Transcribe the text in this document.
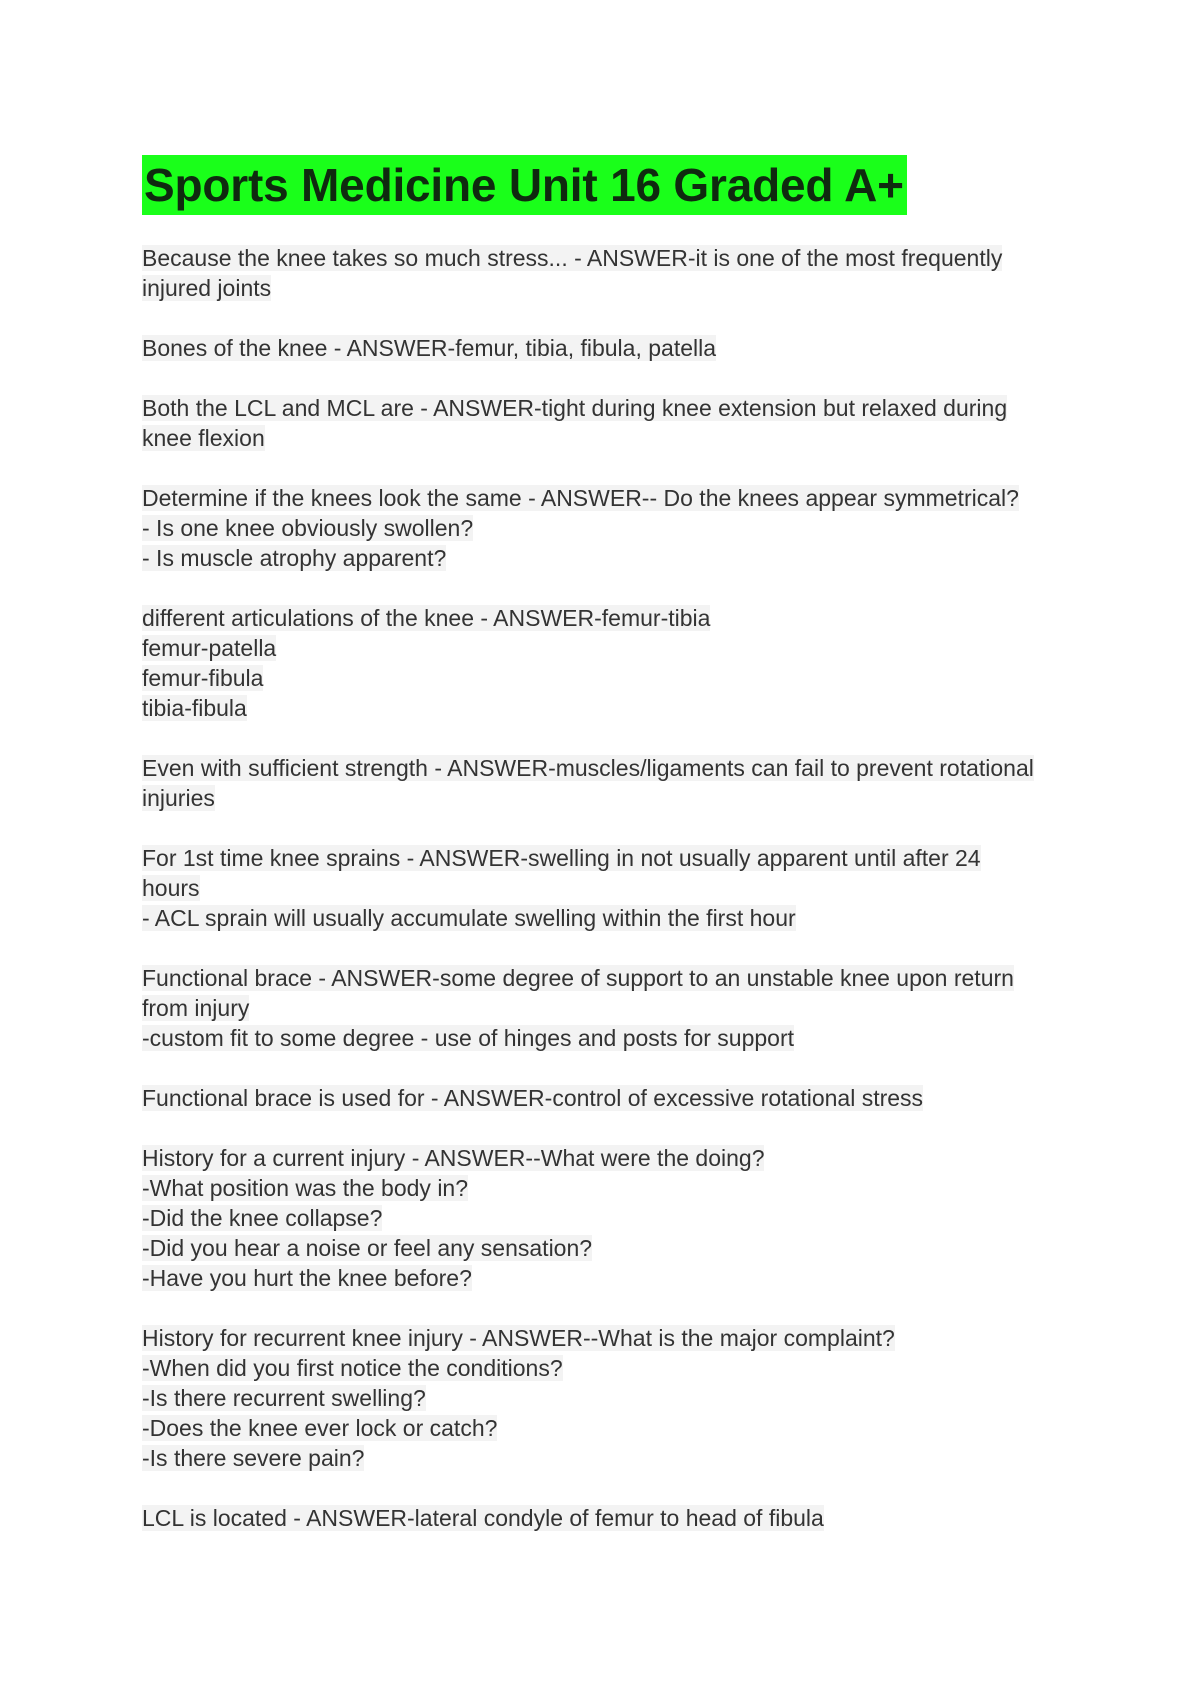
Sports Medicine Unit 16 Graded A+
Because the knee takes so much stress... - ANSWER-it is one of the most frequently
injured joints
Bones of the knee - ANSWER-femur, tibia, fibula, patella
Both the LCL and MCL are - ANSWER-tight during knee extension but relaxed during
knee flexion
Determine if the knees look the same - ANSWER-- Do the knees appear symmetrical?
- Is one knee obviously swollen?
- Is muscle atrophy apparent?
different articulations of the knee - ANSWER-femur-tibia
femur-patella
femur-fibula
tibia-fibula
Even with sufficient strength - ANSWER-muscles/ligaments can fail to prevent rotational
injuries
For 1st time knee sprains - ANSWER-swelling in not usually apparent until after 24
hours
- ACL sprain will usually accumulate swelling within the first hour
Functional brace - ANSWER-some degree of support to an unstable knee upon return
from injury
-custom fit to some degree - use of hinges and posts for support
Functional brace is used for - ANSWER-control of excessive rotational stress
History for a current injury - ANSWER--What were the doing?
-What position was the body in?
-Did the knee collapse?
-Did you hear a noise or feel any sensation?
-Have you hurt the knee before?
History for recurrent knee injury - ANSWER--What is the major complaint?
-When did you first notice the conditions?
-Is there recurrent swelling?
-Does the knee ever lock or catch?
-Is there severe pain?
LCL is located - ANSWER-lateral condyle of femur to head of fibula
